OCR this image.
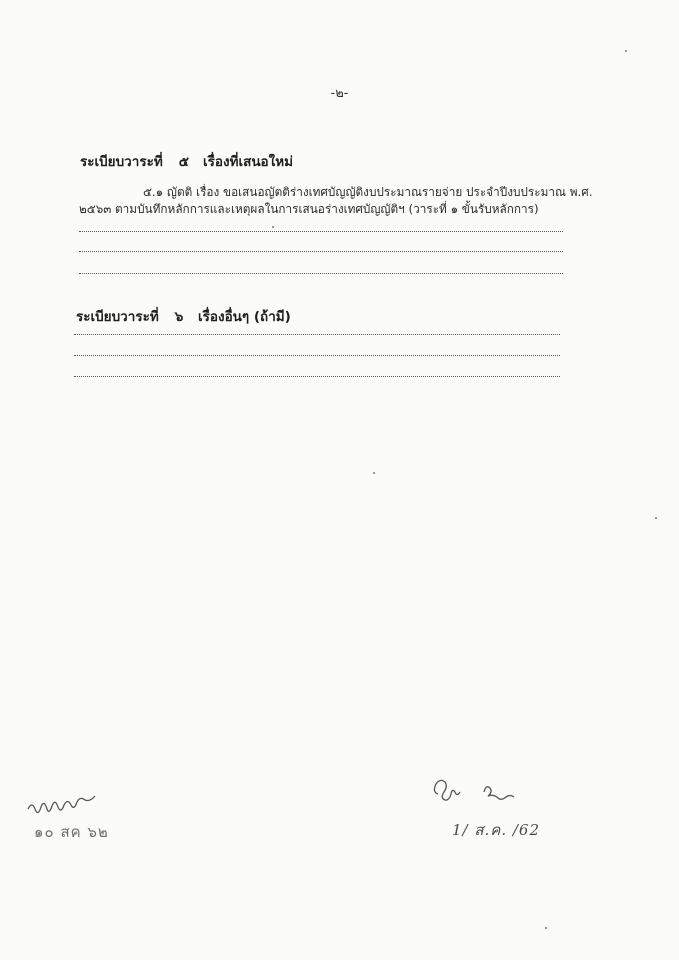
-๒-
ระเบียบวาระที่ ๕ เรื่องที่เสนอใหม่
๕.๑ ญัตติ เรื่อง ขอเสนอญัตติร่างเทศบัญญัติงบประมาณรายจ่าย ประจำปีงบประมาณ พ.ศ.
๒๕๖๓ ตามบันทึกหลักการและเหตุผลในการเสนอร่างเทศบัญญัติฯ (วาระที่ ๑ ขั้นรับหลักการ)
ระเบียบวาระที่ ๖ เรื่องอื่นๆ (ถ้ามี)
๑๐ สค ๖๒	1/ ส.ค. /62
